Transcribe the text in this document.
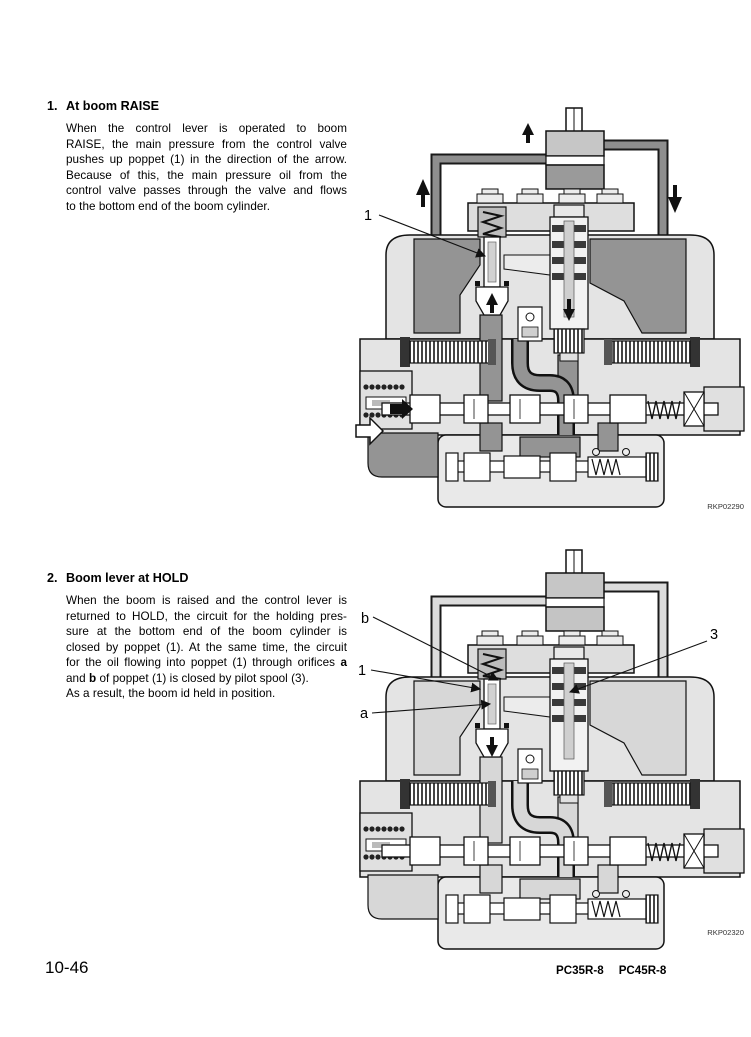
1. At boom RAISE
When the control lever is operated to boom
RAISE, the main pressure from the control valve
pushes up poppet (1) in the direction of the arrow.
Because of this, the main pressure oil from the
control valve passes through the valve and flows
to the bottom end of the boom cylinder.
1
RKP02290
2. Boom lever at HOLD
When the boom is raised and the control lever is
returned to HOLD, the circuit for the holding pres-
sure at the bottom end of the boom cylinder is
closed by poppet (1). At the same time, the circuit
for the oil flowing into poppet (1) through orifices a
and b of poppet (1) is closed by pilot spool (3).
As a result, the boom id held in position.
b
3
1
a
RKP02320
10-46	PC35R-8 PC45R-8
